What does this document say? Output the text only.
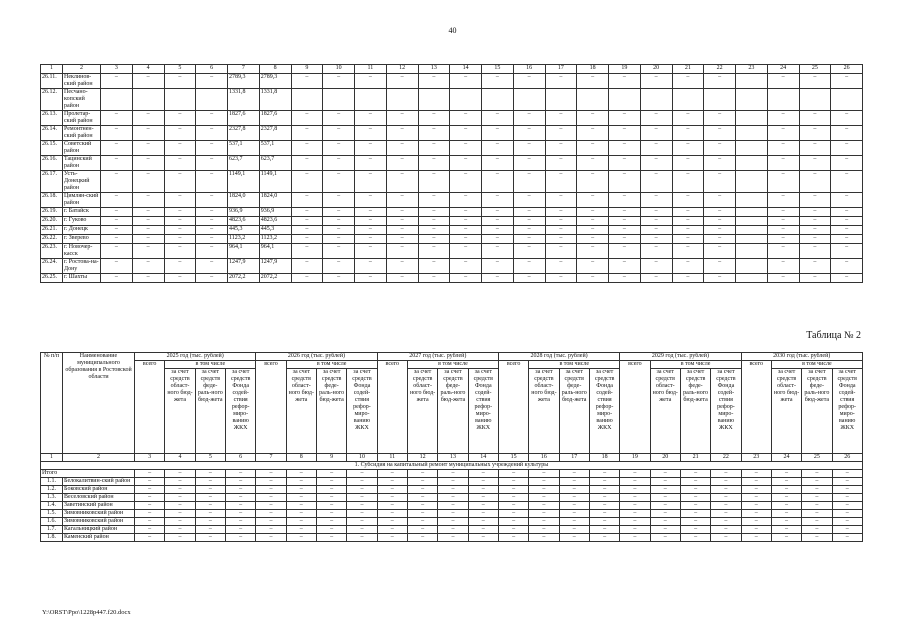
40
1	2	3	4	5	6	7	8	9	10	11	12	13	14	15	16	17	18	19	20	21	22	23	24	25	26
26.11.	Неклинов-ский район	–	–	–	–	2789,3	2789,3	–	–	–	–	–	–	–	–	–	–	–	–	–	–		–	–	–
26.12.	Песчано-копский район					1331,8	1331,8																		
26.13.	Пролетар-ский район	–	–	–	–	1827,6	1827,6	–	–	–	–	–	–	–	–	–	–	–	–	–	–		–	–	–
26.14.	Ремонтнен-ский район	–	–	–	–	2327,8	2327,8	–	–	–	–	–	–	–	–	–	–	–	–	–	–		–	–	–
26.15.	Советский район	–	–	–	–	537,1	537,1	–	–	–	–	–	–	–	–	–	–	–	–	–	–		–	–	–
26.16.	Тацинский район	–	–	–	–	623,7	623,7	–	–	–	–	–	–	–	–	–	–	–	–	–	–		–	–	–
26.17.	Усть-Донецкий район	–	–	–	–	1149,1	1149,1	–	–	–	–	–	–	–	–	–	–	–	–	–	–		–	–	–
26.18.	Цимлян-ский район	–	–	–	–	1824,0	1824,0	–	–	–	–	–	–	–	–	–	–	–	–	–	–		–	–	–
26.19.	г. Батайск	–	–	–	–	936,9	936,9	–	–	–	–	–	–	–	–	–	–	–	–	–	–		–	–	–
26.20.	г. Гуково	–	–	–	–	4823,6	4823,6	–	–	–	–	–	–	–	–	–	–	–	–	–	–		–	–	–
26.21.	г. Донецк	–	–	–	–	445,3	445,3	–	–	–	–	–	–	–	–	–	–	–	–	–	–		–	–	–
26.22.	г. Зверево	–	–	–	–	1123,2	1123,2	–	–	–	–	–	–	–	–	–	–	–	–	–	–		–	–	–
26.23.	г. Новочер-касск	–	–	–	–	964,1	964,1	–	–	–	–	–	–	–	–	–	–	–	–	–	–		–	–	–
26.24.	г. Ростова-на-Дону	–	–	–	–	1247,9	1247,9	–	–	–	–	–	–	–	–	–	–	–	–	–	–		–	–	–
26.25.	г. Шахты	–	–	–	–	2072,2	2072,2	–	–	–	–	–	–	–	–	–	–	–	–	–	–		–	–	–
Таблица № 2
№ п/п	Наименование муниципального образования в Ростовской области	2025 год (тыс. рублей)				2026 год (тыс. рублей)				2027 год (тыс. рублей)				2028 год (тыс. рублей)				2029 год (тыс. рублей)				2030 год (тыс. рублей)			
		всего	в том числе			всего	в том числе			всего	в том числе			всего	в том числе			всего	в том числе			всего	в том числе		
			за счет средств област-ного бюд-жета	за счет средств феде-раль-ного бюд-жета	за счет средств Фонда содей-ствия рефор-миро-ванию ЖКХ		за счет средств област-ного бюд-жета	за счет средств феде-раль-ного бюд-жета	за счет средств Фонда содей-ствия рефор-миро-ванию ЖКХ		за счет средств област-ного бюд-жета	за счет средств феде-раль-ного бюд-жета	за счет средств Фонда содей-ствия рефор-миро-ванию ЖКХ		за счет средств област-ного бюд-жета	за счет средств феде-раль-ного бюд-жета	за счет средств Фонда содей-ствия рефор-миро-ванию ЖКХ		за счет средств област-ного бюд-жета	за счет средств феде-раль-ного бюд-жета	за счет средств Фонда содей-ствия рефор-миро-ванию ЖКХ		за счет средств област-ного бюд-жета	за счет средств феде-раль-ного бюд-жета	за счет средств Фонда содей-ствия рефор-миро-ванию ЖКХ
1	2	3	4	5	6	7	8	9	10	11	12	13	14	15	16	17	18	19	20	21	22	23	24	25	26
1. Субсидия на капитальный ремонт муниципальных учреждений культуры																									
Итого		–	–	–	–	–	–	–	–	–	–	–	–	–	–	–	–	–	–	–	–	–	–	–	–
1.1.	Белокалитвин-ский район	–	–	–	–	–	–	–	–	–	–	–	–	–	–	–	–	–	–	–	–	–	–	–	–
1.2.	Боковский район	–	–	–	–	–	–	–	–	–	–	–	–	–	–	–	–	–	–	–	–	–	–	–	–
1.3.	Веселовский район	–	–	–	–	–	–	–	–	–	–	–	–	–	–	–	–	–	–	–	–	–	–	–	–
1.4.	Заветинский район	–	–	–	–	–	–	–	–	–	–	–	–	–	–	–	–	–	–	–	–	–	–	–	–
1.5.	Зимовниковский район	–	–	–	–	–	–	–	–	–	–	–	–	–	–	–	–	–	–	–	–	–	–	–	–
1.6.	Зимовниковский район	–	–	–	–	–	–	–	–	–	–	–	–	–	–	–	–	–	–	–	–	–	–	–	–
1.7.	Кагальницкий район	–	–	–	–	–	–	–	–	–	–	–	–	–	–	–	–	–	–	–	–	–	–	–	–
1.8.	Каменский район	–	–	–	–	–	–	–	–	–	–	–	–	–	–	–	–	–	–	–	–	–	–	–	–
Y:\ORST\Ppo\1228p447.f20.docx
